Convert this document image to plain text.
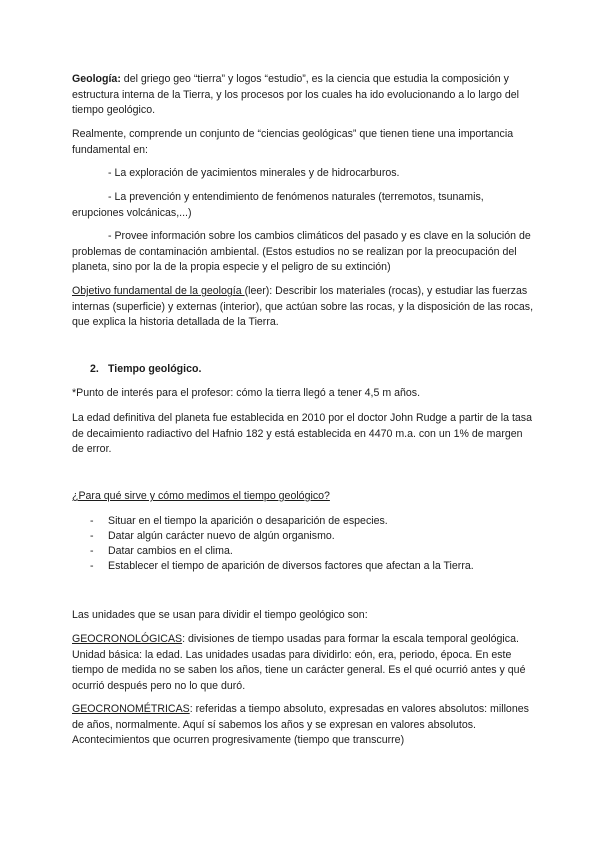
Geología: del griego geo “tierra” y logos “estudio”, es la ciencia que estudia la composición y estructura interna de la Tierra, y los procesos por los cuales ha ido evolucionando a lo largo del tiempo geológico.

Realmente, comprende un conjunto de “ciencias geológicas” que tienen tiene una importancia fundamental en:

- La exploración de yacimientos minerales y de hidrocarburos.

- La prevención y entendimiento de fenómenos naturales (terremotos, tsunamis,

erupciones volcánicas,...)

- Provee información sobre los cambios climáticos del pasado y es clave en la solución de problemas de contaminación ambiental. (Estos estudios no se realizan por la preocupación del planeta, sino por la de la propia especie y el peligro de su extinción)

Objetivo fundamental de la geología (leer): Describir los materiales (rocas), y estudiar las fuerzas internas (superficie) y externas (interior), que actúan sobre las rocas, y la disposición de las rocas, que explica la historia detallada de la Tierra.

2. Tiempo geológico.

*Punto de interés para el profesor: cómo la tierra llegó a tener 4,5 m años.

La edad definitiva del planeta fue establecida en 2010 por el doctor John Rudge a partir de la tasa de decaimiento radiactivo del Hafnio 182 y está establecida en 4470 m.a. con un 1% de margen de error.

¿Para qué sirve y cómo medimos el tiempo geológico?

- Situar en el tiempo la aparición o desaparición de especies.
- Datar algún carácter nuevo de algún organismo.
- Datar cambios en el clima.
- Establecer el tiempo de aparición de diversos factores que afectan a la Tierra.

Las unidades que se usan para dividir el tiempo geológico son:

GEOCRONOLÓGICAS: divisiones de tiempo usadas para formar la escala temporal geológica. Unidad básica: la edad. Las unidades usadas para dividirlo: eón, era, periodo, época. En este tiempo de medida no se saben los años, tiene un carácter general. Es el qué ocurrió antes y qué ocurrió después pero no lo que duró.

GEOCRONOMÉTRICAS: referidas a tiempo absoluto, expresadas en valores absolutos: millones de años, normalmente. Aquí sí sabemos los años y se expresan en valores absolutos. Acontecimientos que ocurren progresivamente (tiempo que transcurre)
